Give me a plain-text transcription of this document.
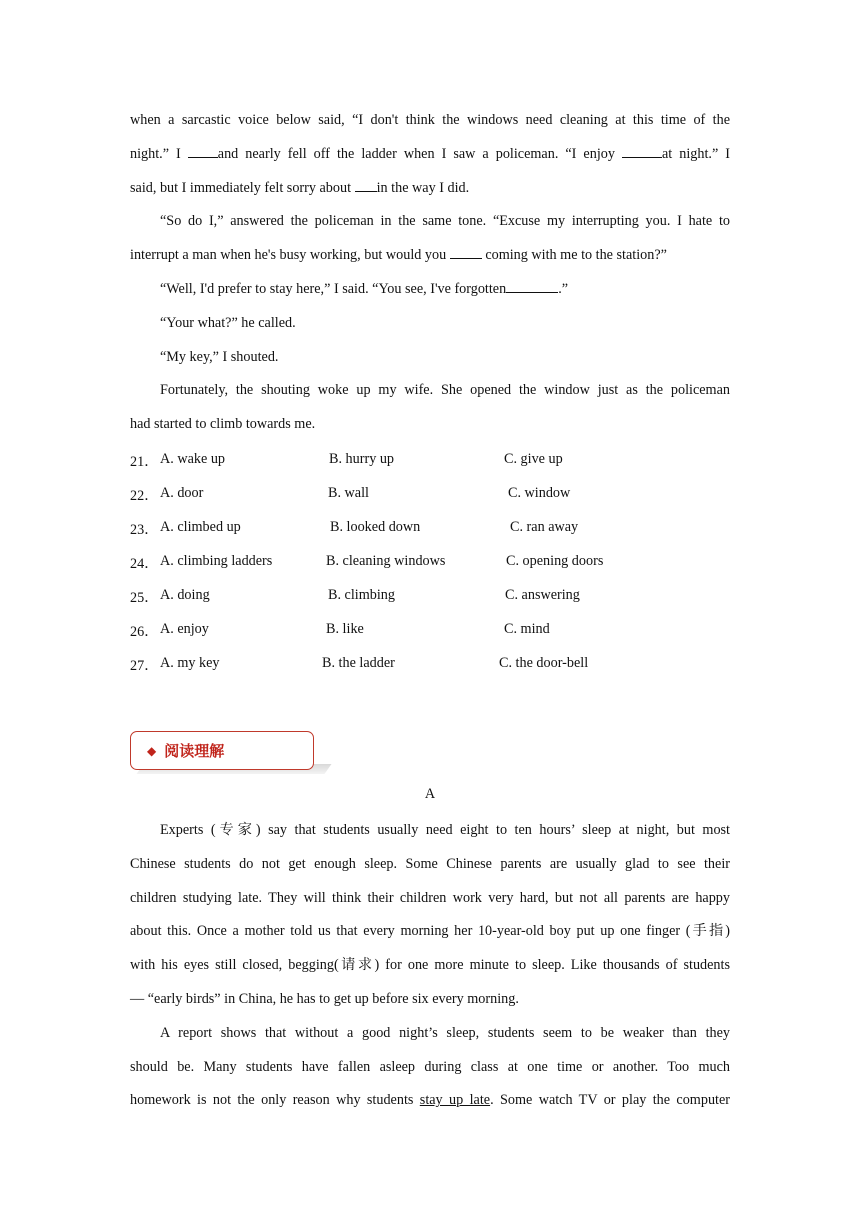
when a sarcastic voice below said, “I don't think the windows need cleaning at this time of the
night.” I and nearly fell off the ladder when I saw a policeman. “I enjoy	at night.” I
said, but I immediately felt sorry about in the way I did.
“So do I,” answered the policeman in the same tone. “Excuse my interrupting you. I hate to
interrupt a man when he's busy working, but would you  coming with me to the station?”
“Well, I'd prefer to stay here,” I said. “You see, I've forgotten	.”
“Your what?” he called.
“My key,” I shouted.
Fortunately, the shouting woke up my wife. She opened the window just as the policeman
had started to climb towards me.
21． A. wake up	B. hurry up	C. give up
22． A. door	B. wall	C. window
23． A. climbed up	B. looked down	C. ran away
24． A. climbing ladders	B. cleaning windows	C. opening doors
25． A. doing	B. climbing	C. answering
26． A. enjoy	B. like	C. mind
27． A. my key	B. the ladder	C. the door-bell
◆ 阅读理解
A
Experts (专家) say that students usually need eight to ten hours’ sleep at night, but most
Chinese students do not get enough sleep. Some Chinese parents are usually glad to see their
children studying late. They will think their children work very hard, but not all parents are happy
about this. Once a mother told us that every morning her 10-year-old boy put up one finger (手指)
with his eyes still closed, begging(请求) for one more minute to sleep. Like thousands of students
— “early birds” in China, he has to get up before six every morning.
A report shows that without a good night’s sleep, students seem to be weaker than they
should be. Many students have fallen asleep during class at one time or another. Too much
homework is not the only reason why students stay up late. Some watch TV or play the computer
